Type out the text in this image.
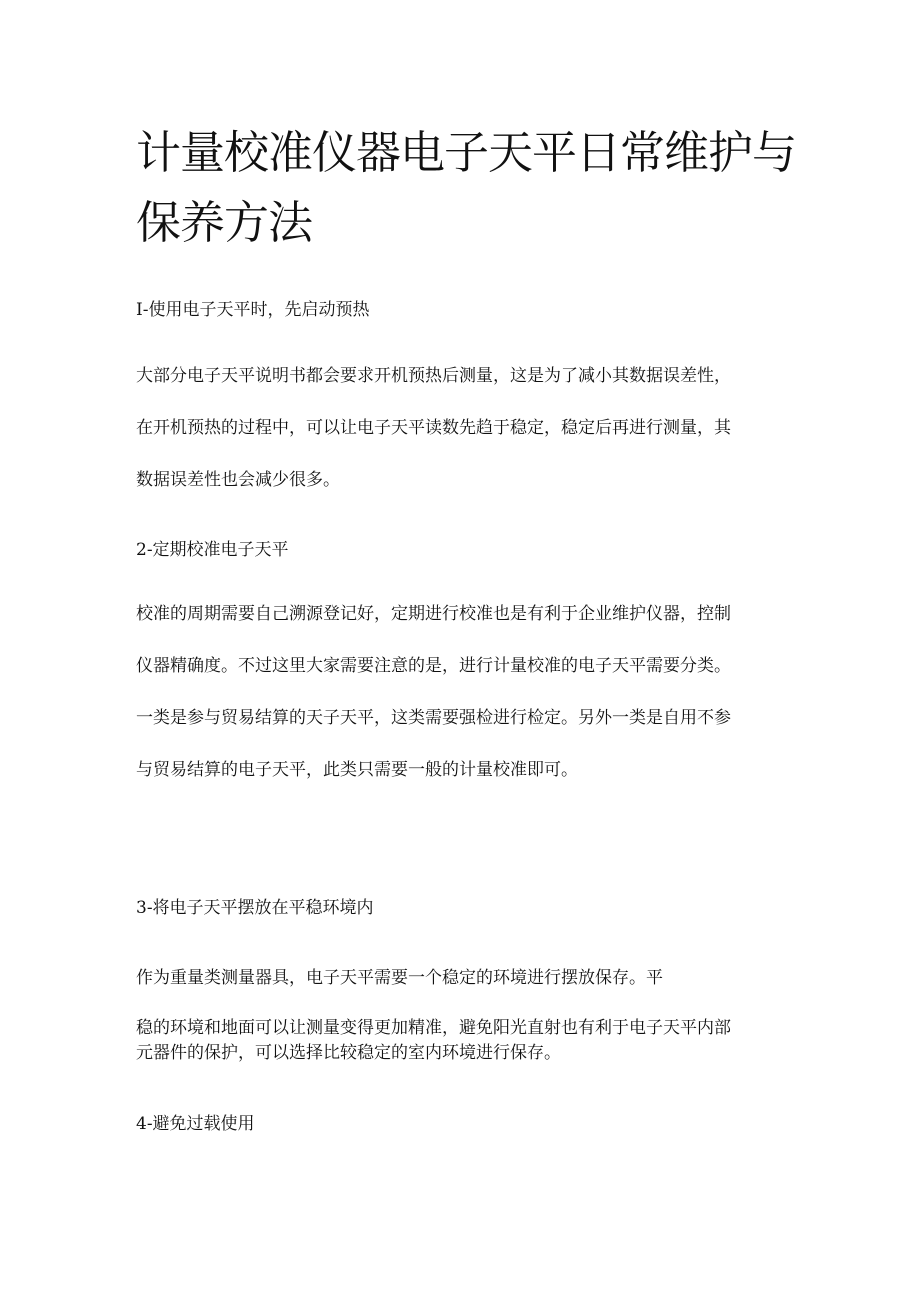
计量校准仪器电子天平日常维护与保养方法
I-使用电子天平时，先启动预热

大部分电子天平说明书都会要求开机预热后测量，这是为了减小其数据误差性，
在开机预热的过程中，可以让电子天平读数先趋于稳定，稳定后再进行测量，其
数据误差性也会减少很多。

2-定期校准电子天平

校准的周期需要自己溯源登记好，定期进行校准也是有利于企业维护仪器，控制
仪器精确度。不过这里大家需要注意的是，进行计量校准的电子天平需要分类。
一类是参与贸易结算的天子天平，这类需要强检进行检定。另外一类是自用不参
与贸易结算的电子天平，此类只需要一般的计量校准即可。

3-将电子天平摆放在平稳环境内

作为重量类测量器具，电子天平需要一个稳定的环境进行摆放保存。平

稳的环境和地面可以让测量变得更加精准，避免阳光直射也有利于电子天平内部
元器件的保护，可以选择比较稳定的室内环境进行保存。

4-避免过载使用
